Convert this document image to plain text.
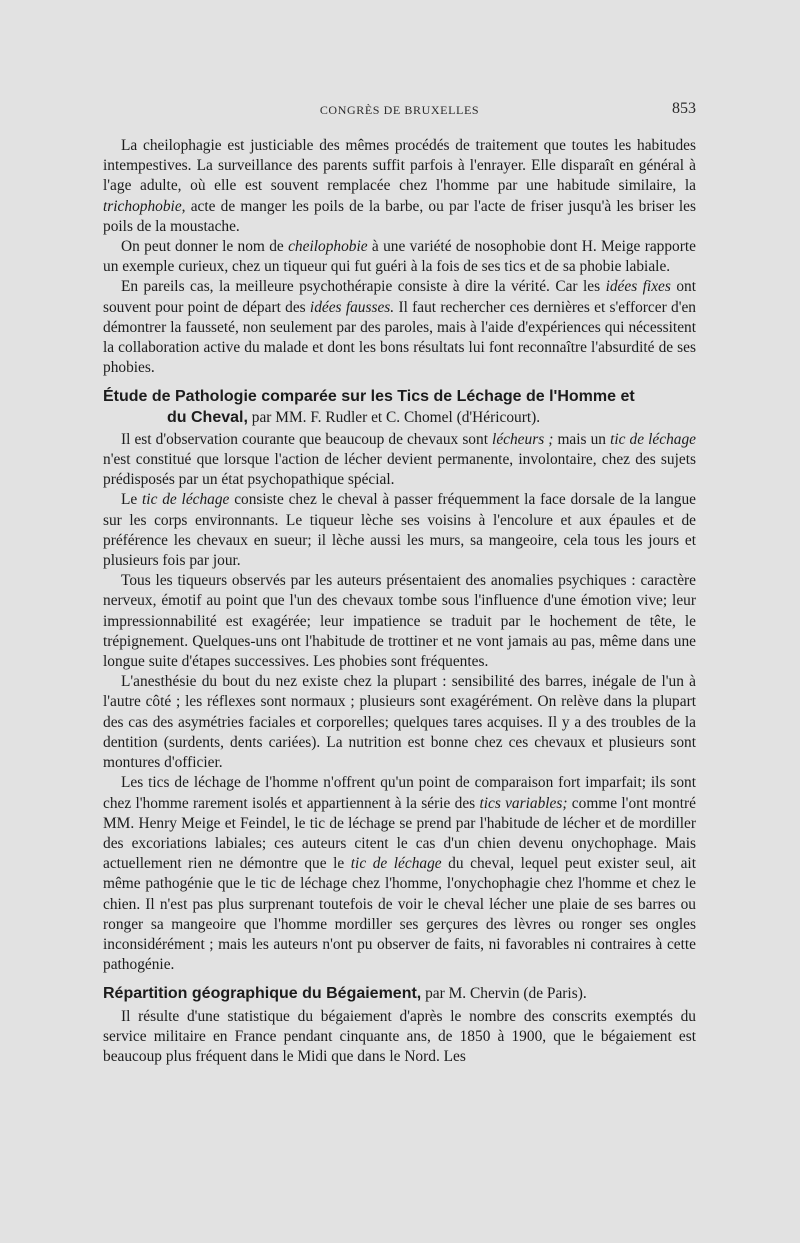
CONGRÈS DE BRUXELLES	853

La cheilophagie est justiciable des mêmes procédés de traitement que toutes les habitudes intempestives. La surveillance des parents suffit parfois à l'enrayer. Elle disparaît en général à l'age adulte, où elle est souvent remplacée chez l'homme par une habitude similaire, la trichophobie, acte de manger les poils de la barbe, ou par l'acte de friser jusqu'à les briser les poils de la moustache.

On peut donner le nom de cheilophobie à une variété de nosophobie dont H. Meige rapporte un exemple curieux, chez un tiqueur qui fut guéri à la fois de ses tics et de sa phobie labiale.

En pareils cas, la meilleure psychothérapie consiste à dire la vérité. Car les idées fixes ont souvent pour point de départ des idées fausses. Il faut rechercher ces dernières et s'efforcer d'en démontrer la fausseté, non seulement par des paroles, mais à l'aide d'expériences qui nécessitent la collaboration active du malade et dont les bons résultats lui font reconnaître l'absurdité de ses phobies.

Étude de Pathologie comparée sur les Tics de Léchage de l'Homme et
du Cheval, par MM. F. Rudler et C. Chomel (d'Héricourt).

Il est d'observation courante que beaucoup de chevaux sont lécheurs ; mais un tic de léchage n'est constitué que lorsque l'action de lécher devient permanente, involontaire, chez des sujets prédisposés par un état psychopathique spécial.

Le tic de léchage consiste chez le cheval à passer fréquemment la face dorsale de la langue sur les corps environnants. Le tiqueur lèche ses voisins à l'encolure et aux épaules et de préférence les chevaux en sueur; il lèche aussi les murs, sa mangeoire, cela tous les jours et plusieurs fois par jour.

Tous les tiqueurs observés par les auteurs présentaient des anomalies psychiques : caractère nerveux, émotif au point que l'un des chevaux tombe sous l'influence d'une émotion vive; leur impressionnabilité est exagérée; leur impatience se traduit par le hochement de tête, le trépignement. Quelques-uns ont l'habitude de trottiner et ne vont jamais au pas, même dans une longue suite d'étapes successives. Les phobies sont fréquentes.

L'anesthésie du bout du nez existe chez la plupart : sensibilité des barres, inégale de l'un à l'autre côté ; les réflexes sont normaux ; plusieurs sont exagérément. On relève dans la plupart des cas des asymétries faciales et corporelles; quelques tares acquises. Il y a des troubles de la dentition (surdents, dents cariées). La nutrition est bonne chez ces chevaux et plusieurs sont montures d'officier.

Les tics de léchage de l'homme n'offrent qu'un point de comparaison fort imparfait; ils sont chez l'homme rarement isolés et appartiennent à la série des tics variables; comme l'ont montré MM. Henry Meige et Feindel, le tic de léchage se prend par l'habitude de lécher et de mordiller des excoriations labiales; ces auteurs citent le cas d'un chien devenu onychophage. Mais actuellement rien ne démontre que le tic de léchage du cheval, lequel peut exister seul, ait même pathogénie que le tic de léchage chez l'homme, l'onychophagie chez l'homme et chez le chien. Il n'est pas plus surprenant toutefois de voir le cheval lécher une plaie de ses barres ou ronger sa mangeoire que l'homme mordiller ses gerçures des lèvres ou ronger ses ongles inconsidérément ; mais les auteurs n'ont pu observer de faits, ni favorables ni contraires à cette pathogénie.

Répartition géographique du Bégaiement, par M. Chervin (de Paris).

Il résulte d'une statistique du bégaiement d'après le nombre des conscrits exemptés du service militaire en France pendant cinquante ans, de 1850 à 1900, que le bégaiement est beaucoup plus fréquent dans le Midi que dans le Nord. Les
